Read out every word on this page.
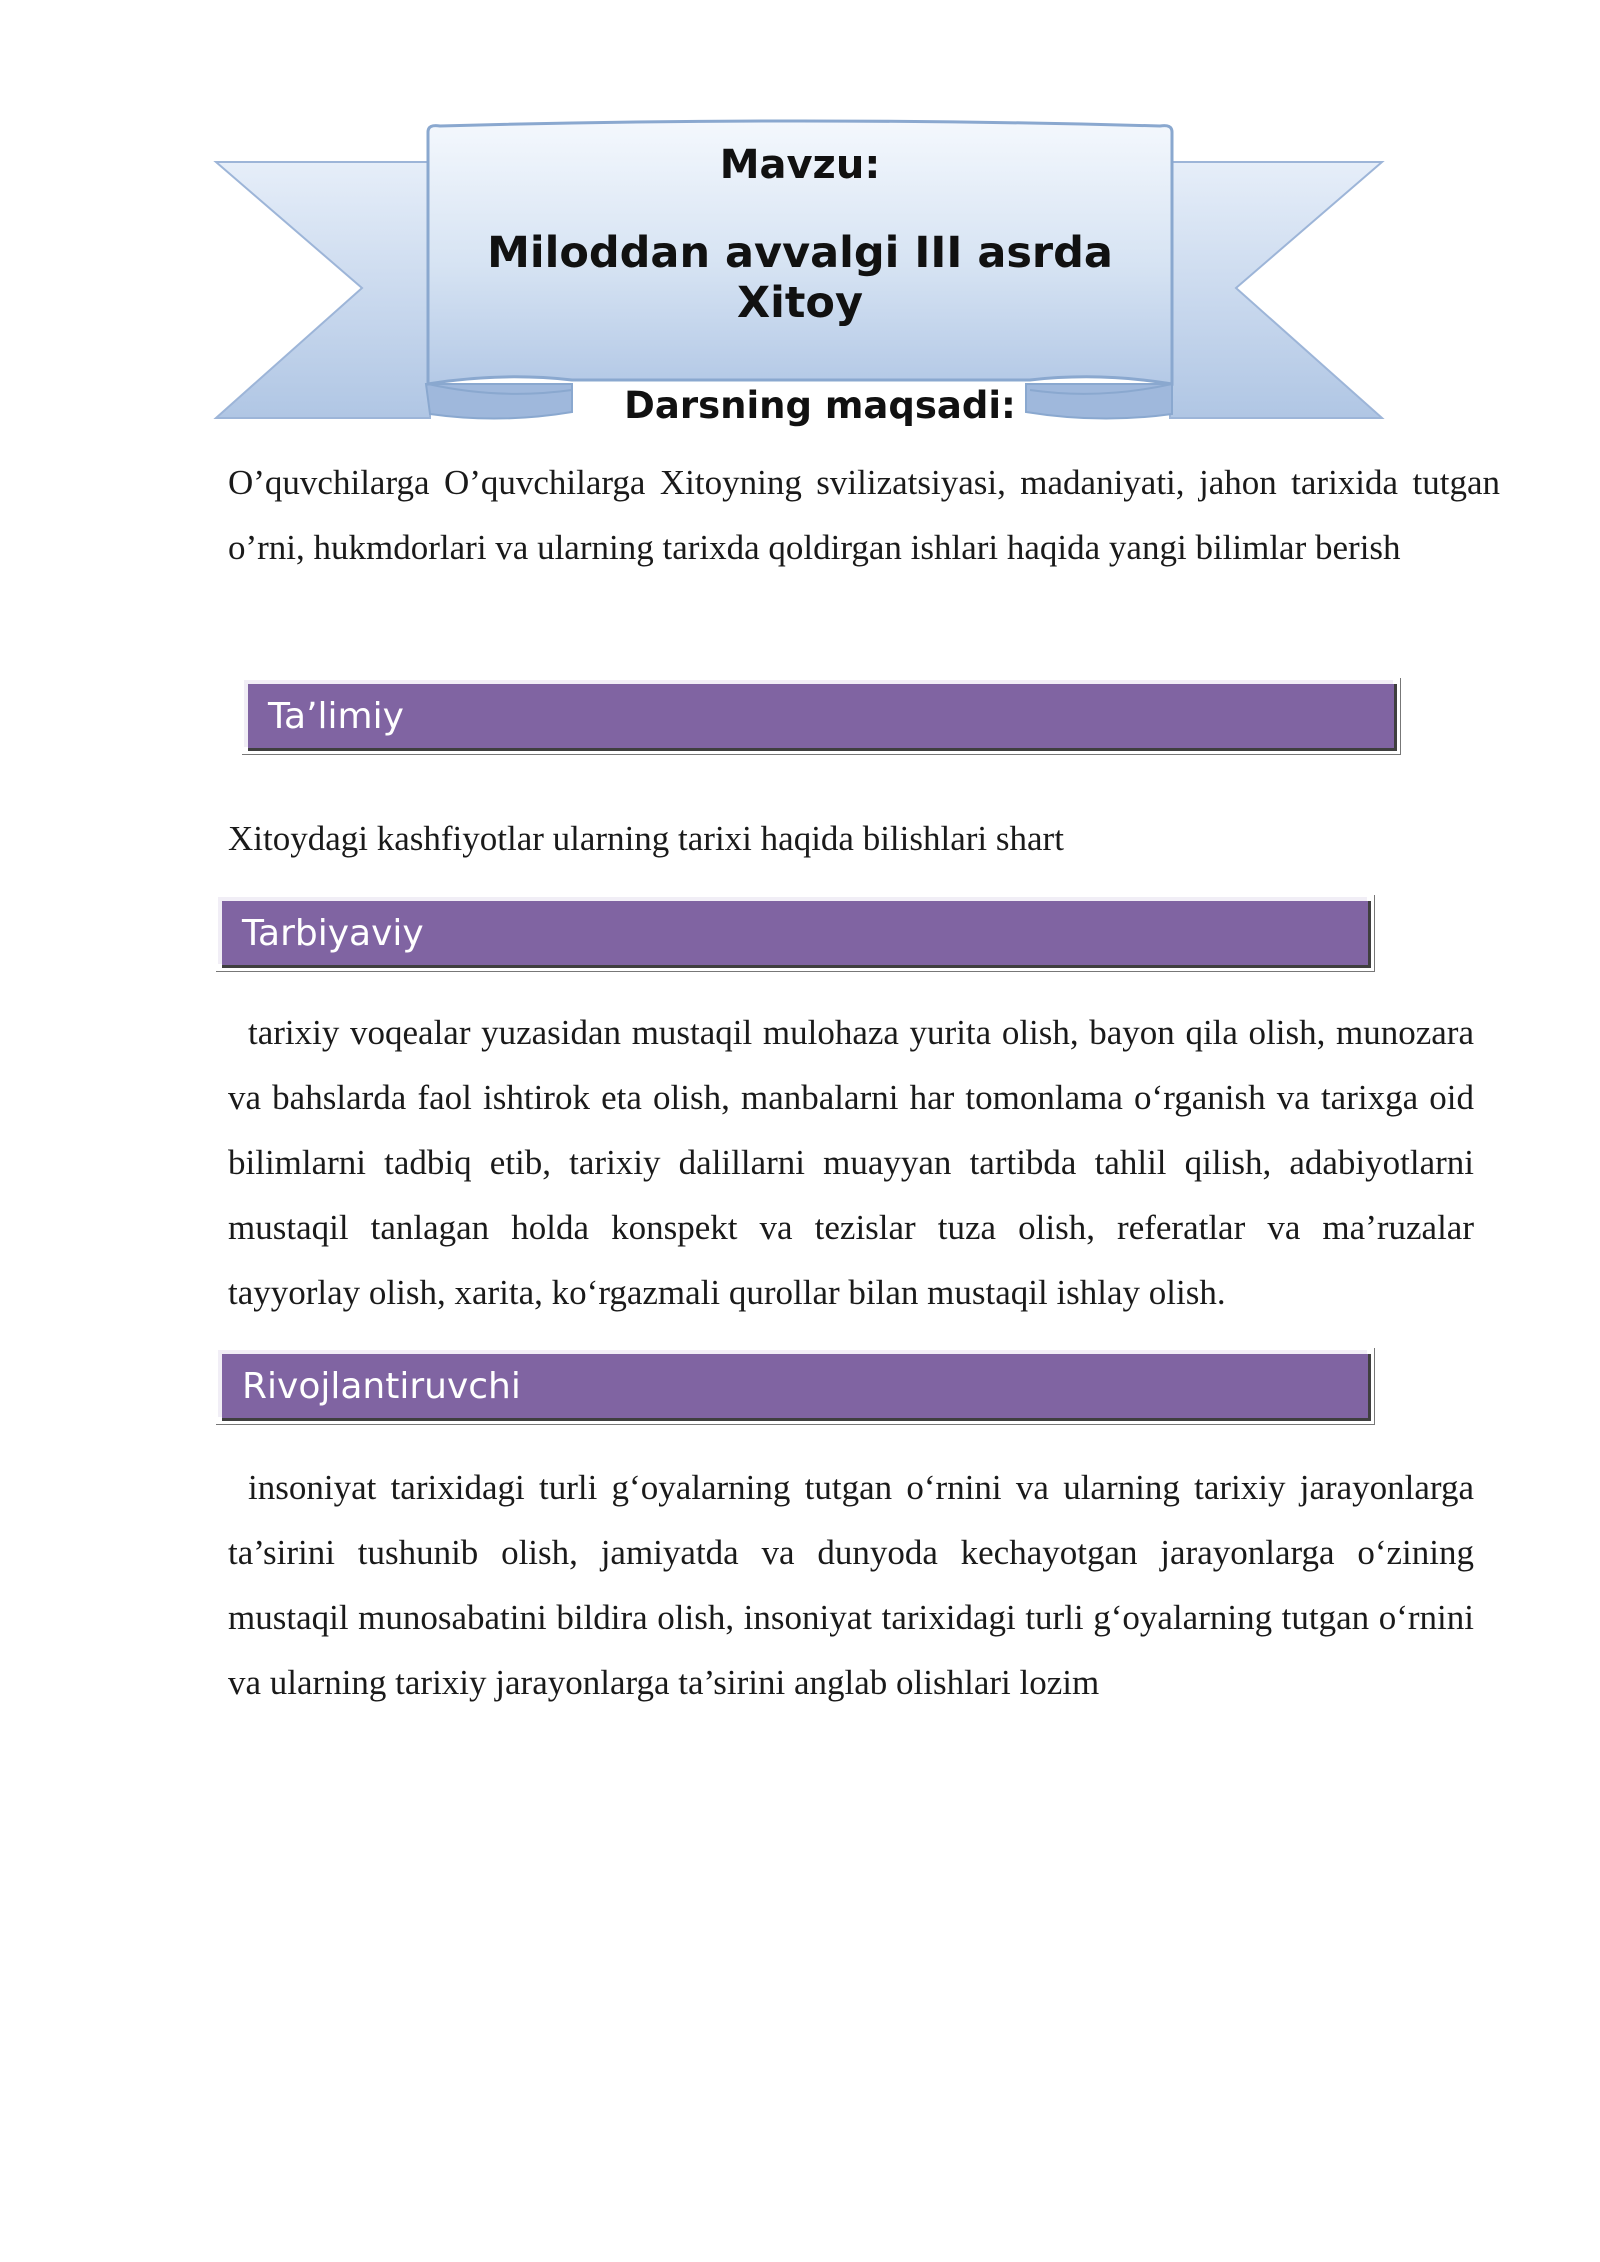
Mavzu:
Miloddan avvalgi III asrda Xitoy
Darsning maqsadi:

O’quvchilarga O’quvchilarga Xitoyning svilizatsiyasi, madaniyati, jahon tarixida tutgan o’rni, hukmdorlari va ularning tarixda qoldirgan ishlari haqida yangi bilimlar berish

Ta’limiy

Xitoydagi kashfiyotlar ularning tarixi haqida bilishlari shart

Tarbiyaviy

tarixiy voqealar yuzasidan mustaqil mulohaza yurita olish, bayon qila olish, munozara va bahslarda faol ishtirok eta olish, manbalarni har tomonlama o‘rganish va tarixga oid bilimlarni tadbiq etib, tarixiy dalillarni muayyan tartibda tahlil qilish, adabiyotlarni mustaqil tanlagan holda konspekt va tezislar tuza olish, referatlar va ma’ruzalar tayyorlay olish, xarita, ko‘rgazmali qurollar bilan mustaqil ishlay olish.

Rivojlantiruvchi

insoniyat tarixidagi turli g‘oyalarning tutgan o‘rnini va ularning tarixiy jarayonlarga ta’sirini tushunib olish, jamiyatda va dunyoda kechayotgan jarayonlarga o‘zining mustaqil munosabatini bildira olish, insoniyat tarixidagi turli g‘oyalarning tutgan o‘rnini va ularning tarixiy jarayonlarga ta’sirini anglab olishlari lozim
